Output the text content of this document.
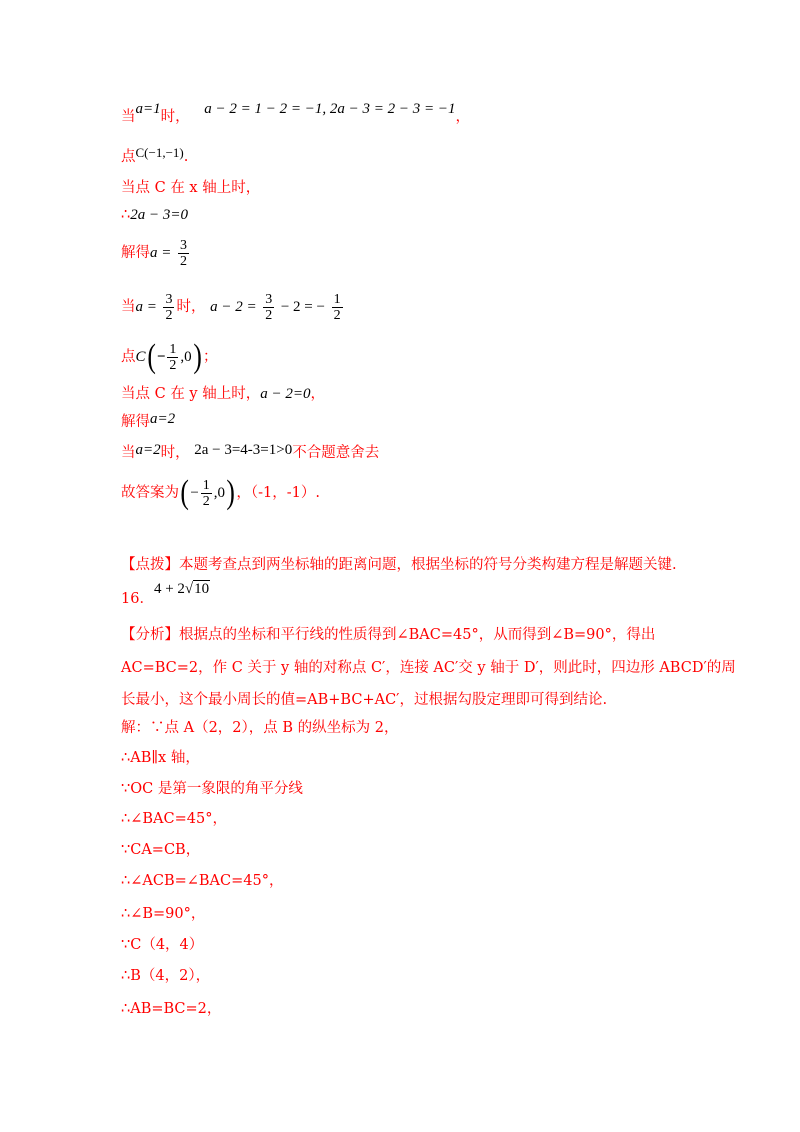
当a=1时， a − 2 = 1 − 2 = −1, 2a − 3 = 2 − 3 = −1，
点C(−1,−1).
当点 C 在 x 轴上时，
∴2a − 3=0
解得$a = \frac{3}{2}$
当$a = \frac{3}{2}$ 时， $a - 2 = \frac{3}{2} - 2$ = − $\frac{1}{2}$
点$C(- \frac{1}{2} ,0)$；
当点 C 在 y 轴上时，a − 2=0，
解得a=2
当a=2时， 2a − 3=4-3=1>0不合题意舍去
故答案为(− $\frac{1}{2} ,0$)，（-1，-1）.
【点拨】本题考查点到两坐标轴的距离问题，根据坐标的符号分类构建方程是解题关键.
16．4 + 2√10
【分析】根据点的坐标和平行线的性质得到∠BAC=45°，从而得到∠B=90°，得出
AC=BC=2，作 C 关于 y 轴的对称点 C′，连接 AC′交 y 轴于 D′，则此时，四边形 ABCD′的周
长最小，这个最小周长的值=AB+BC+AC′，过根据勾股定理即可得到结论.
解：∵点 A（2，2），点 B 的纵坐标为 2，
∴AB∥x 轴，
∵OC 是第一象限的角平分线
∴∠BAC=45°，
∵CA=CB，
∴∠ACB=∠BAC=45°，
∴∠B=90°，
∵C（4，4）
∴B（4，2），
∴AB=BC=2，
